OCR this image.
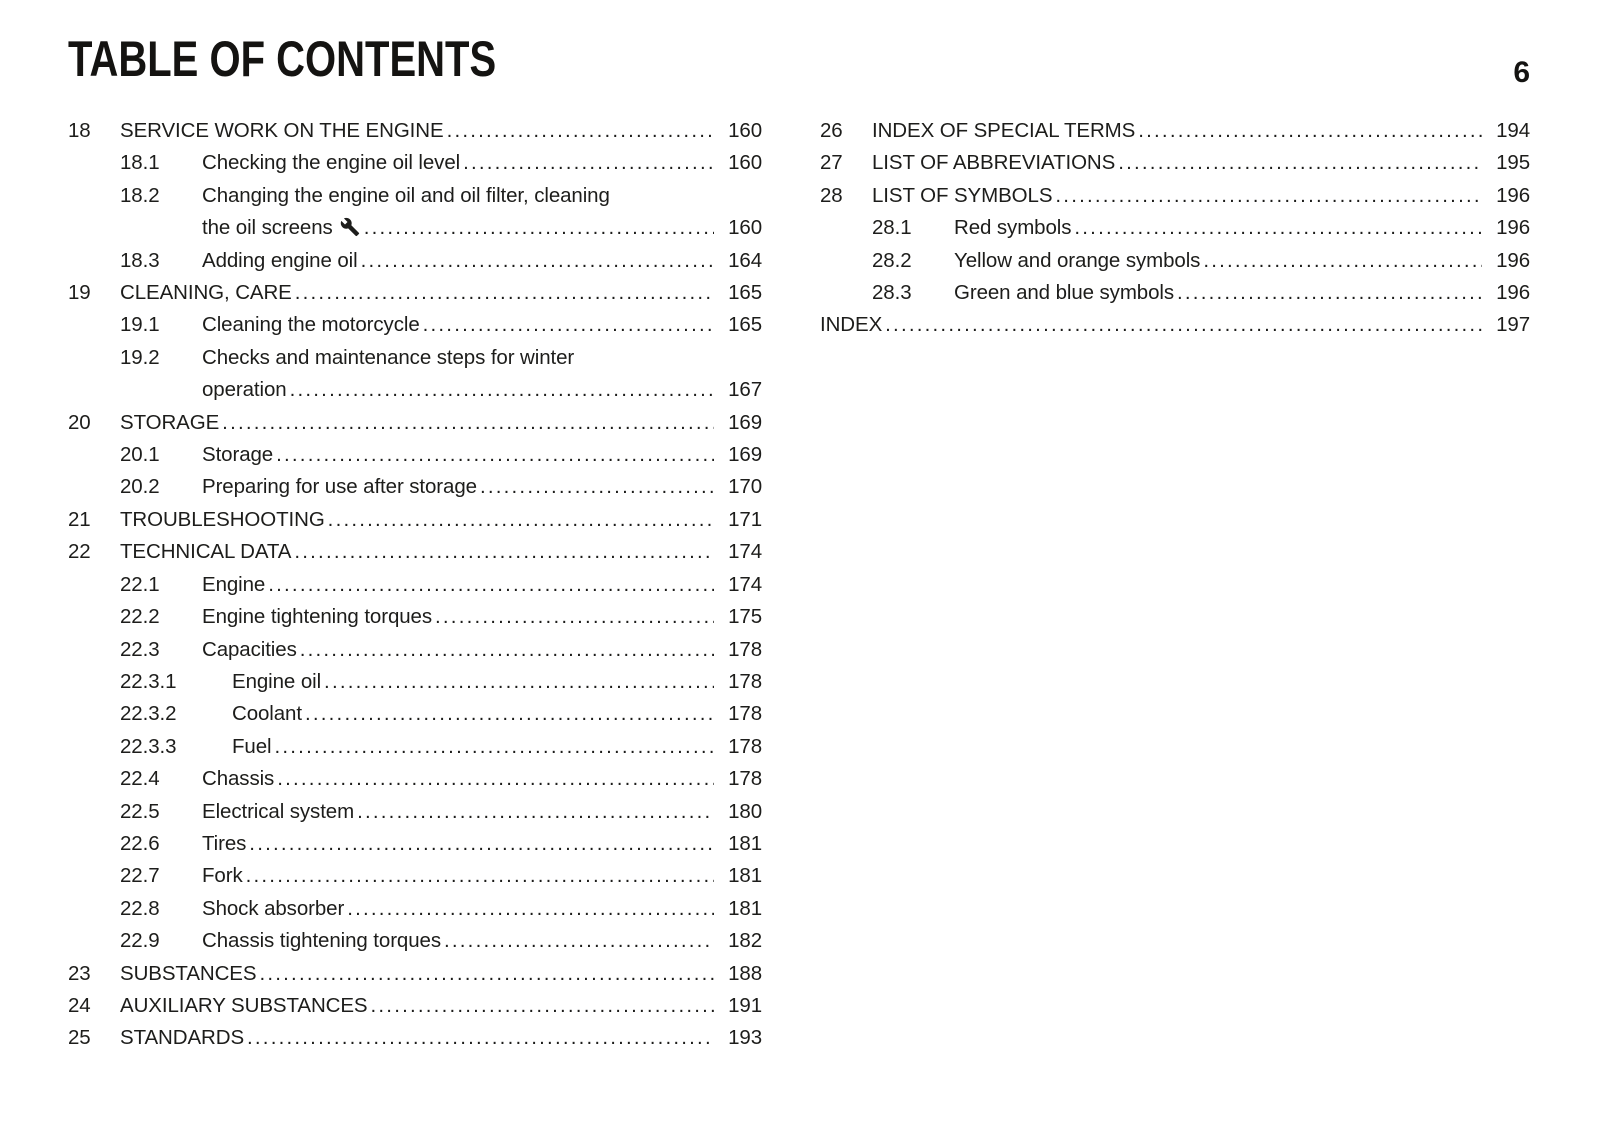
TABLE OF CONTENTS	6
18	SERVICE WORK ON THE ENGINE .....	160
18.1	Checking the engine oil level .....	160
18.2	Changing the engine oil and oil filter, cleaning
the oil screens .....	160
18.3	Adding engine oil .....	164
19	CLEANING, CARE .....	165
19.1	Cleaning the motorcycle .....	165
19.2	Checks and maintenance steps for winter
operation .....	167
20	STORAGE .....	169
20.1	Storage .....	169
20.2	Preparing for use after storage .....	170
21	TROUBLESHOOTING .....	171
22	TECHNICAL DATA .....	174
22.1	Engine .....	174
22.2	Engine tightening torques .....	175
22.3	Capacities .....	178
22.3.1	Engine oil .....	178
22.3.2	Coolant .....	178
22.3.3	Fuel .....	178
22.4	Chassis .....	178
22.5	Electrical system .....	180
22.6	Tires .....	181
22.7	Fork .....	181
22.8	Shock absorber .....	181
22.9	Chassis tightening torques .....	182
23	SUBSTANCES .....	188
24	AUXILIARY SUBSTANCES .....	191
25	STANDARDS .....	193
26	INDEX OF SPECIAL TERMS .....	194
27	LIST OF ABBREVIATIONS .....	195
28	LIST OF SYMBOLS .....	196
28.1	Red symbols .....	196
28.2	Yellow and orange symbols .....	196
28.3	Green and blue symbols .....	196
INDEX .....	197
